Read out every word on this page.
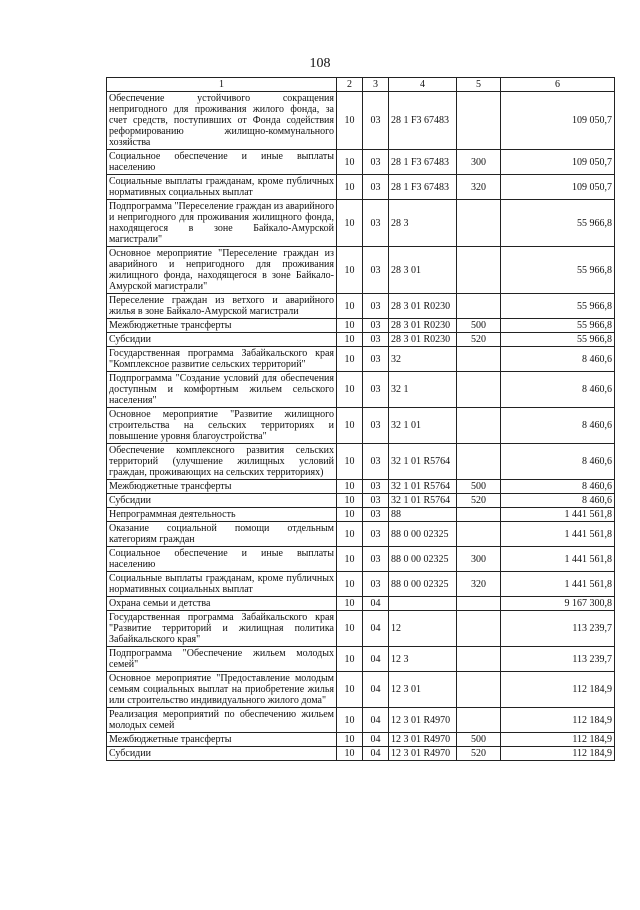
108
1	2	3	4	5	6
Обеспечение устойчивого сокращения непригодного для проживания жилого фонда, за счет средств, поступивших от Фонда содействия реформированию жилищно-коммунального хозяйства	10	03	28 1 F3 67483		109 050,7
Социальное обеспечение и иные выплаты населению	10	03	28 1 F3 67483	300	109 050,7
Социальные выплаты гражданам, кроме публичных нормативных социальных выплат	10	03	28 1 F3 67483	320	109 050,7
Подпрограмма "Переселение граждан из аварийного и непригодного для проживания жилищного фонда, находящегося в зоне Байкало-Амурской магистрали"	10	03	28 3		55 966,8
Основное мероприятие "Переселение граждан из аварийного и непригодного для проживания жилищного фонда, находящегося в зоне Байкало-Амурской магистрали"	10	03	28 3 01		55 966,8
Переселение граждан из ветхого и аварийного жилья в зоне Байкало-Амурской магистрали	10	03	28 3 01 R0230		55 966,8
Межбюджетные трансферты	10	03	28 3 01 R0230	500	55 966,8
Субсидии	10	03	28 3 01 R0230	520	55 966,8
Государственная программа Забайкальского края "Комплексное развитие сельских территорий"	10	03	32		8 460,6
Подпрограмма "Создание условий для обеспечения доступным и комфортным жильем сельского населения"	10	03	32 1		8 460,6
Основное мероприятие "Развитие жилищного строительства на сельских территориях и повышение уровня благоустройства"	10	03	32 1 01		8 460,6
Обеспечение комплексного развития сельских территорий (улучшение жилищных условий граждан, проживающих на сельских территориях)	10	03	32 1 01 R5764		8 460,6
Межбюджетные трансферты	10	03	32 1 01 R5764	500	8 460,6
Субсидии	10	03	32 1 01 R5764	520	8 460,6
Непрограммная деятельность	10	03	88		1 441 561,8
Оказание социальной помощи отдельным категориям граждан	10	03	88 0 00 02325		1 441 561,8
Социальное обеспечение и иные выплаты населению	10	03	88 0 00 02325	300	1 441 561,8
Социальные выплаты гражданам, кроме публичных нормативных социальных выплат	10	03	88 0 00 02325	320	1 441 561,8
Охрана семьи и детства	10	04			9 167 300,8
Государственная программа Забайкальского края "Развитие территорий и жилищная политика Забайкальского края"	10	04	12		113 239,7
Подпрограмма "Обеспечение жильем молодых семей"	10	04	12 3		113 239,7
Основное мероприятие "Предоставление молодым семьям социальных выплат на приобретение жилья или строительство индивидуального жилого дома"	10	04	12 3 01		112 184,9
Реализация мероприятий по обеспечению жильем молодых семей	10	04	12 3 01 R4970		112 184,9
Межбюджетные трансферты	10	04	12 3 01 R4970	500	112 184,9
Субсидии	10	04	12 3 01 R4970	520	112 184,9
